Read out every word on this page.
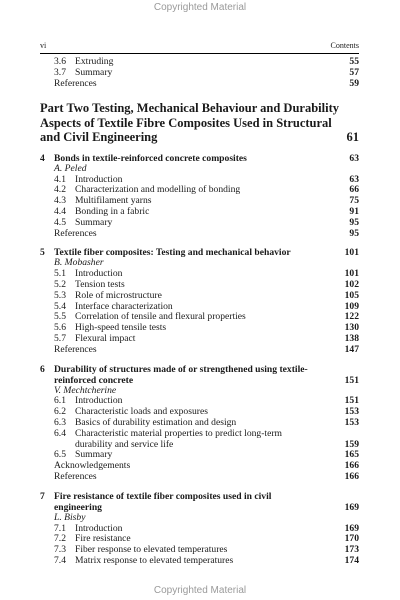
Copyrighted Material
vi	Contents
3.6 Extruding	55
3.7 Summary	57
References	59
Part Two Testing, Mechanical Behaviour and Durability
Aspects of Textile Fibre Composites Used in Structural
and Civil Engineering	61
4 Bonds in textile-reinforced concrete composites	63
A. Peled
4.1 Introduction	63
4.2 Characterization and modelling of bonding	66
4.3 Multifilament yarns	75
4.4 Bonding in a fabric	91
4.5 Summary	95
References	95
5 Textile fiber composites: Testing and mechanical behavior	101
B. Mobasher
5.1 Introduction	101
5.2 Tension tests	102
5.3 Role of microstructure	105
5.4 Interface characterization	109
5.5 Correlation of tensile and flexural properties	122
5.6 High-speed tensile tests	130
5.7 Flexural impact	138
References	147
6 Durability of structures made of or strengthened using textile-reinforced concrete	151
V. Mechtcherine
6.1 Introduction	151
6.2 Characteristic loads and exposures	153
6.3 Basics of durability estimation and design	153
6.4 Characteristic material properties to predict long-term durability and service life	159
6.5 Summary	165
Acknowledgements	166
References	166
7 Fire resistance of textile fiber composites used in civil engineering	169
L. Bisby
7.1 Introduction	169
7.2 Fire resistance	170
7.3 Fiber response to elevated temperatures	173
7.4 Matrix response to elevated temperatures	174
Copyrighted Material
